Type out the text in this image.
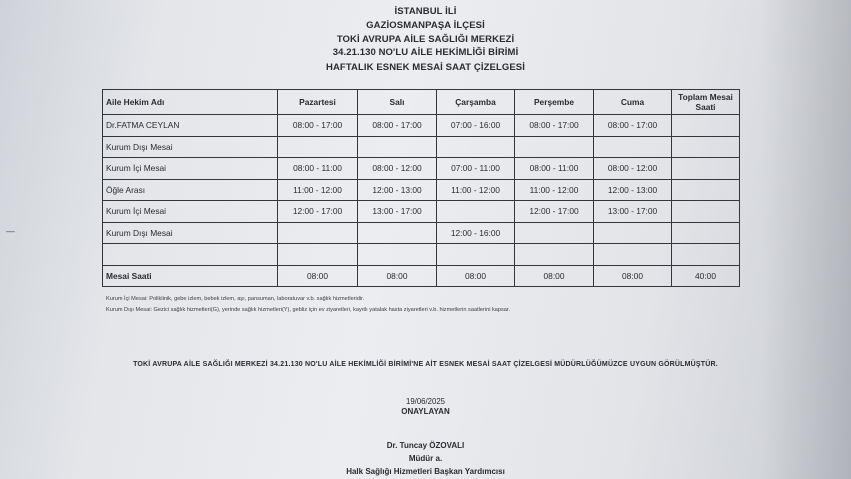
İSTANBUL İLİ
GAZİOSMANPAŞA İLÇESİ
TOKİ AVRUPA AİLE SAĞLIĞI MERKEZİ
34.21.130 NO'LU AİLE HEKİMLİĞİ BİRİMİ
HAFTALIK ESNEK MESAİ SAAT ÇİZELGESİ
Aile Hekim Adı	Pazartesi	Salı	Çarşamba	Perşembe	Cuma	Toplam Mesai Saati
Dr.FATMA CEYLAN	08:00 - 17:00	08:00 - 17:00	07:00 - 16:00	08:00 - 17:00	08:00 - 17:00	
Kurum Dışı Mesai						
Kurum İçi Mesai	08:00 - 11:00	08:00 - 12:00	07:00 - 11:00	08:00 - 11:00	08:00 - 12:00	
Öğle Arası	11:00 - 12:00	12:00 - 13:00	11:00 - 12:00	11:00 - 12:00	12:00 - 13:00	
Kurum İçi Mesai	12:00 - 17:00	13:00 - 17:00		12:00 - 17:00	13:00 - 17:00	
Kurum Dışı Mesai			12:00 - 16:00			

Mesai Saati	08:00	08:00	08:00	08:00	08:00	40:00
Kurum İçi Mesai: Poliklinik, gebe izlem, bebek izlem, aşı, pansuman, laboratuvar v.b. sağlık hizmetleridir.
Kurum Dışı Mesai: Gezici sağlık hizmetleri(G), yerinde sağlık hizmetleri(Y), gebliz için ev ziyaretleri, kayıtlı yatalak hasta ziyaretleri v.b. hizmetlerin saatlerini kapsar.
TOKİ AVRUPA AİLE SAĞLIĞI MERKEZİ 34.21.130 NO'LU AİLE HEKİMLİĞİ BİRİMİ'NE AİT ESNEK MESAİ SAAT ÇİZELGESİ MÜDÜRLÜĞÜMÜZCE UYGUN GÖRÜLMÜŞTÜR.
19/06/2025
ONAYLAYAN
Dr. Tuncay ÖZOVALI
Müdür a.
Halk Sağlığı Hizmetleri Başkan Yardımcısı
—
